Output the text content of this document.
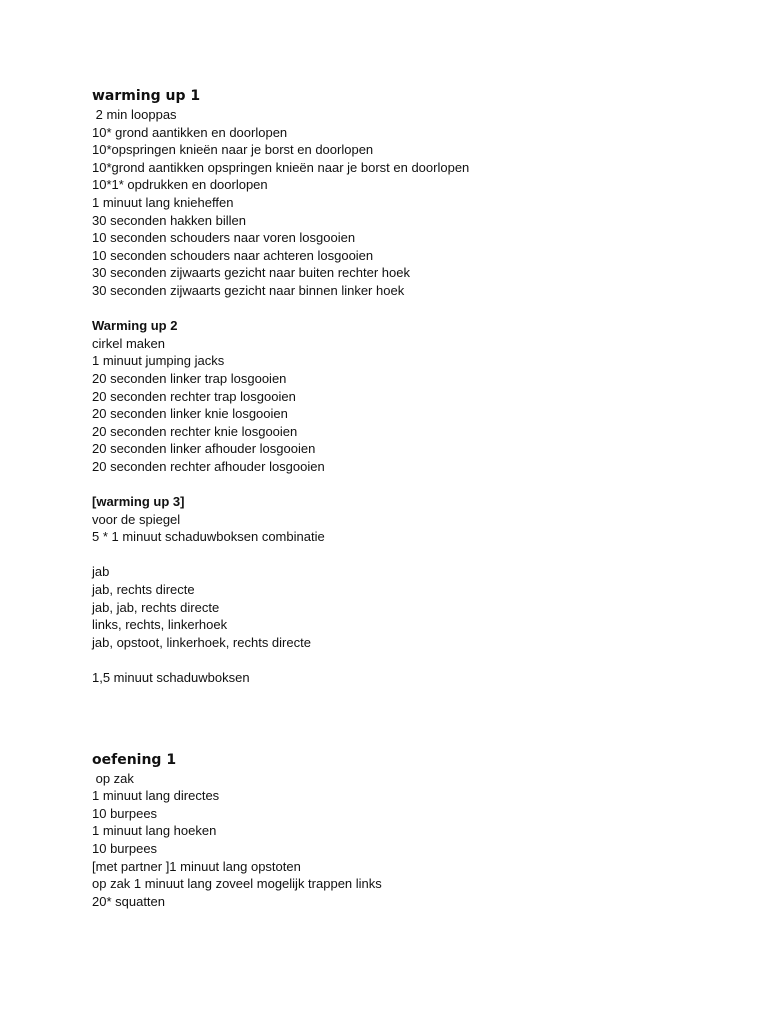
warming up 1
2 min looppas
10* grond aantikken en doorlopen
10*opspringen knieën naar je borst en doorlopen
10*grond aantikken opspringen knieën naar je borst en doorlopen
10*1* opdrukken en doorlopen
1 minuut lang knieheffen
30 seconden hakken billen
10 seconden schouders naar voren losgooien
10 seconden schouders naar achteren losgooien
30 seconden zijwaarts gezicht naar buiten rechter hoek
30 seconden zijwaarts gezicht naar binnen linker hoek
Warming up 2
cirkel maken
1 minuut jumping jacks
20 seconden linker trap losgooien
20 seconden rechter trap losgooien
20 seconden linker knie losgooien
20 seconden rechter knie losgooien
20 seconden linker afhouder losgooien
20 seconden rechter afhouder losgooien
[warming up 3]
voor de spiegel
5 * 1 minuut schaduwboksen combinatie
jab
jab, rechts directe
jab, jab, rechts directe
links, rechts, linkerhoek
jab, opstoot, linkerhoek, rechts directe
1,5 minuut schaduwboksen
oefening 1
op zak
1 minuut lang directes
10 burpees
1 minuut lang hoeken
10 burpees
[met partner ]1 minuut lang opstoten
op zak 1 minuut lang zoveel mogelijk trappen links
20* squatten
